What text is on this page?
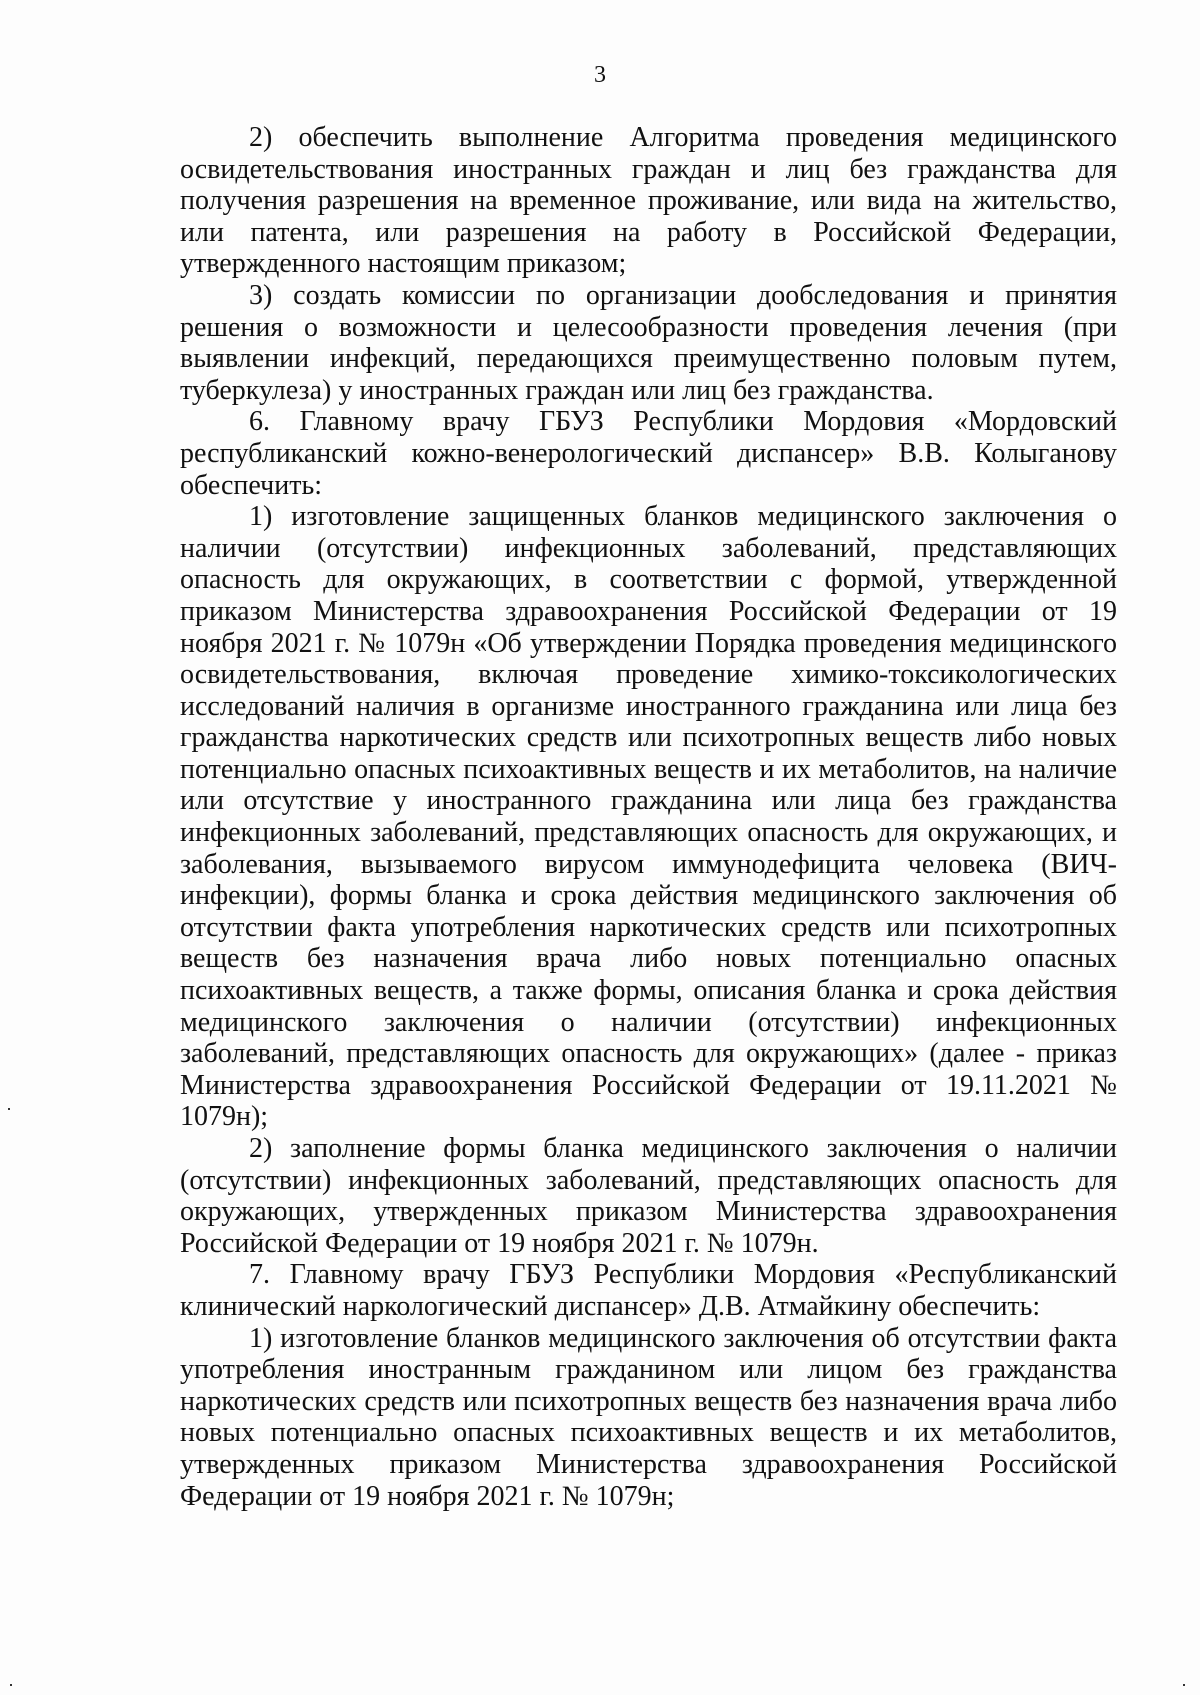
3

2) обеспечить выполнение Алгоритма проведения медицинского освидетельствования иностранных граждан и лиц без гражданства для получения разрешения на временное проживание, или вида на жительство, или патента, или разрешения на работу в Российской Федерации, утвержденного настоящим приказом;

3) создать комиссии по организации дообследования и принятия решения о возможности и целесообразности проведения лечения (при выявлении инфекций, передающихся преимущественно половым путем, туберкулеза) у иностранных граждан или лиц без гражданства.

6. Главному врачу ГБУЗ Республики Мордовия «Мордовский республиканский кожно-венерологический диспансер» В.В. Колыганову обеспечить:

1) изготовление защищенных бланков медицинского заключения о наличии (отсутствии) инфекционных заболеваний, представляющих опасность для окружающих, в соответствии с формой, утвержденной приказом Министерства здравоохранения Российской Федерации от 19 ноября 2021 г. № 1079н «Об утверждении Порядка проведения медицинского освидетельствования, включая проведение химико-токсикологических исследований наличия в организме иностранного гражданина или лица без гражданства наркотических средств или психотропных веществ либо новых потенциально опасных психоактивных веществ и их метаболитов, на наличие или отсутствие у иностранного гражданина или лица без гражданства инфекционных заболеваний, представляющих опасность для окружающих, и заболевания, вызываемого вирусом иммунодефицита человека (ВИЧ-инфекции), формы бланка и срока действия медицинского заключения об отсутствии факта употребления наркотических средств или психотропных веществ без назначения врача либо новых потенциально опасных психоактивных веществ, а также формы, описания бланка и срока действия медицинского заключения о наличии (отсутствии) инфекционных заболеваний, представляющих опасность для окружающих» (далее - приказ Министерства здравоохранения Российской Федерации от 19.11.2021 № 1079н);

2) заполнение формы бланка медицинского заключения о наличии (отсутствии) инфекционных заболеваний, представляющих опасность для окружающих, утвержденных приказом Министерства здравоохранения Российской Федерации от 19 ноября 2021 г. № 1079н.

7. Главному врачу ГБУЗ Республики Мордовия «Республиканский клинический наркологический диспансер» Д.В. Атмайкину обеспечить:

1) изготовление бланков медицинского заключения об отсутствии факта употребления иностранным гражданином или лицом без гражданства наркотических средств или психотропных веществ без назначения врача либо новых потенциально опасных психоактивных веществ и их метаболитов, утвержденных приказом Министерства здравоохранения Российской Федерации от 19 ноября 2021 г. № 1079н;
